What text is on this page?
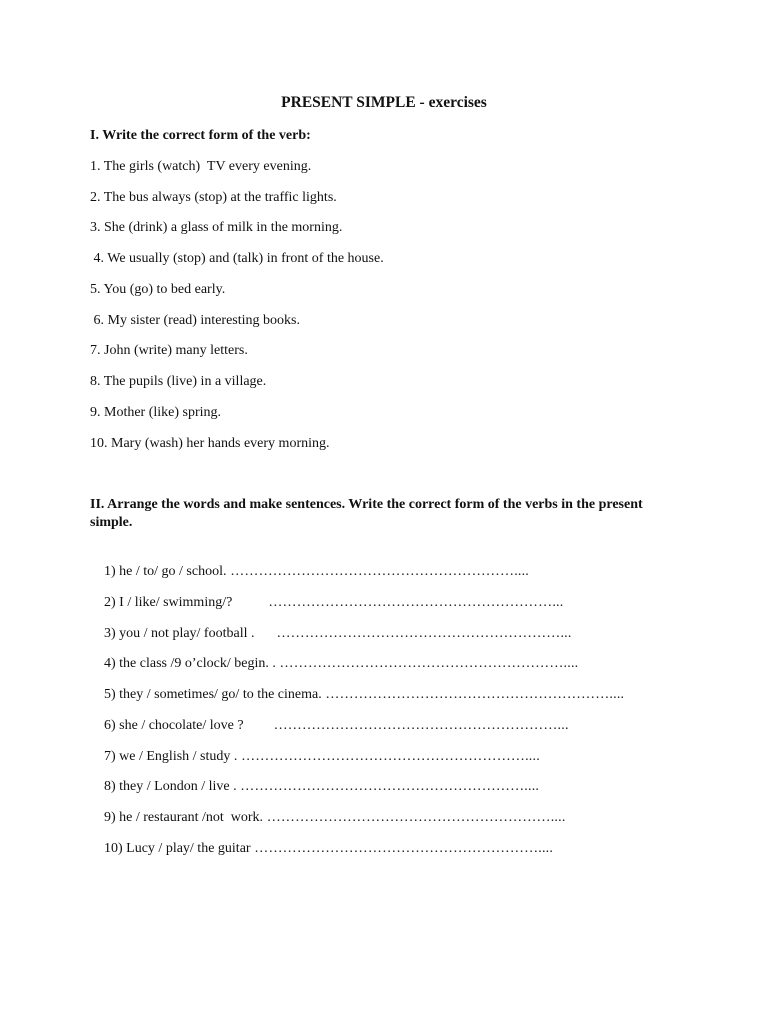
PRESENT SIMPLE - exercises
I. Write the correct form of the verb:
1. The girls (watch)  TV every evening.
2. The bus always (stop) at the traffic lights.
3. She (drink) a glass of milk in the morning.
4. We usually (stop) and (talk) in front of the house.
5. You (go) to bed early.
6. My sister (read) interesting books.
7. John (write) many letters.
8. The pupils (live) in a village.
9. Mother (like) spring.
10. Mary (wash) her hands every morning.
II. Arrange the words and make sentences. Write the correct form of the verbs in the present simple.

1) he / to/ go / school. ……………………………………………………....

2) I / like/ swimming/?	……………………………………………………...

3) you / not play/ football . ……………………………………………………...

4) the class /9 o’clock/ begin. . ……………………………………………………....

5) they / sometimes/ go/ to the cinema. ……………………………………………………....

6) she / chocolate/ love ? ……………………………………………………...

7) we / English / study . ……………………………………………………....

8) they / London / live . ……………………………………………………....

9) he / restaurant /not  work. ……………………………………………………....

10) Lucy / play/ the guitar ……………………………………………………....
